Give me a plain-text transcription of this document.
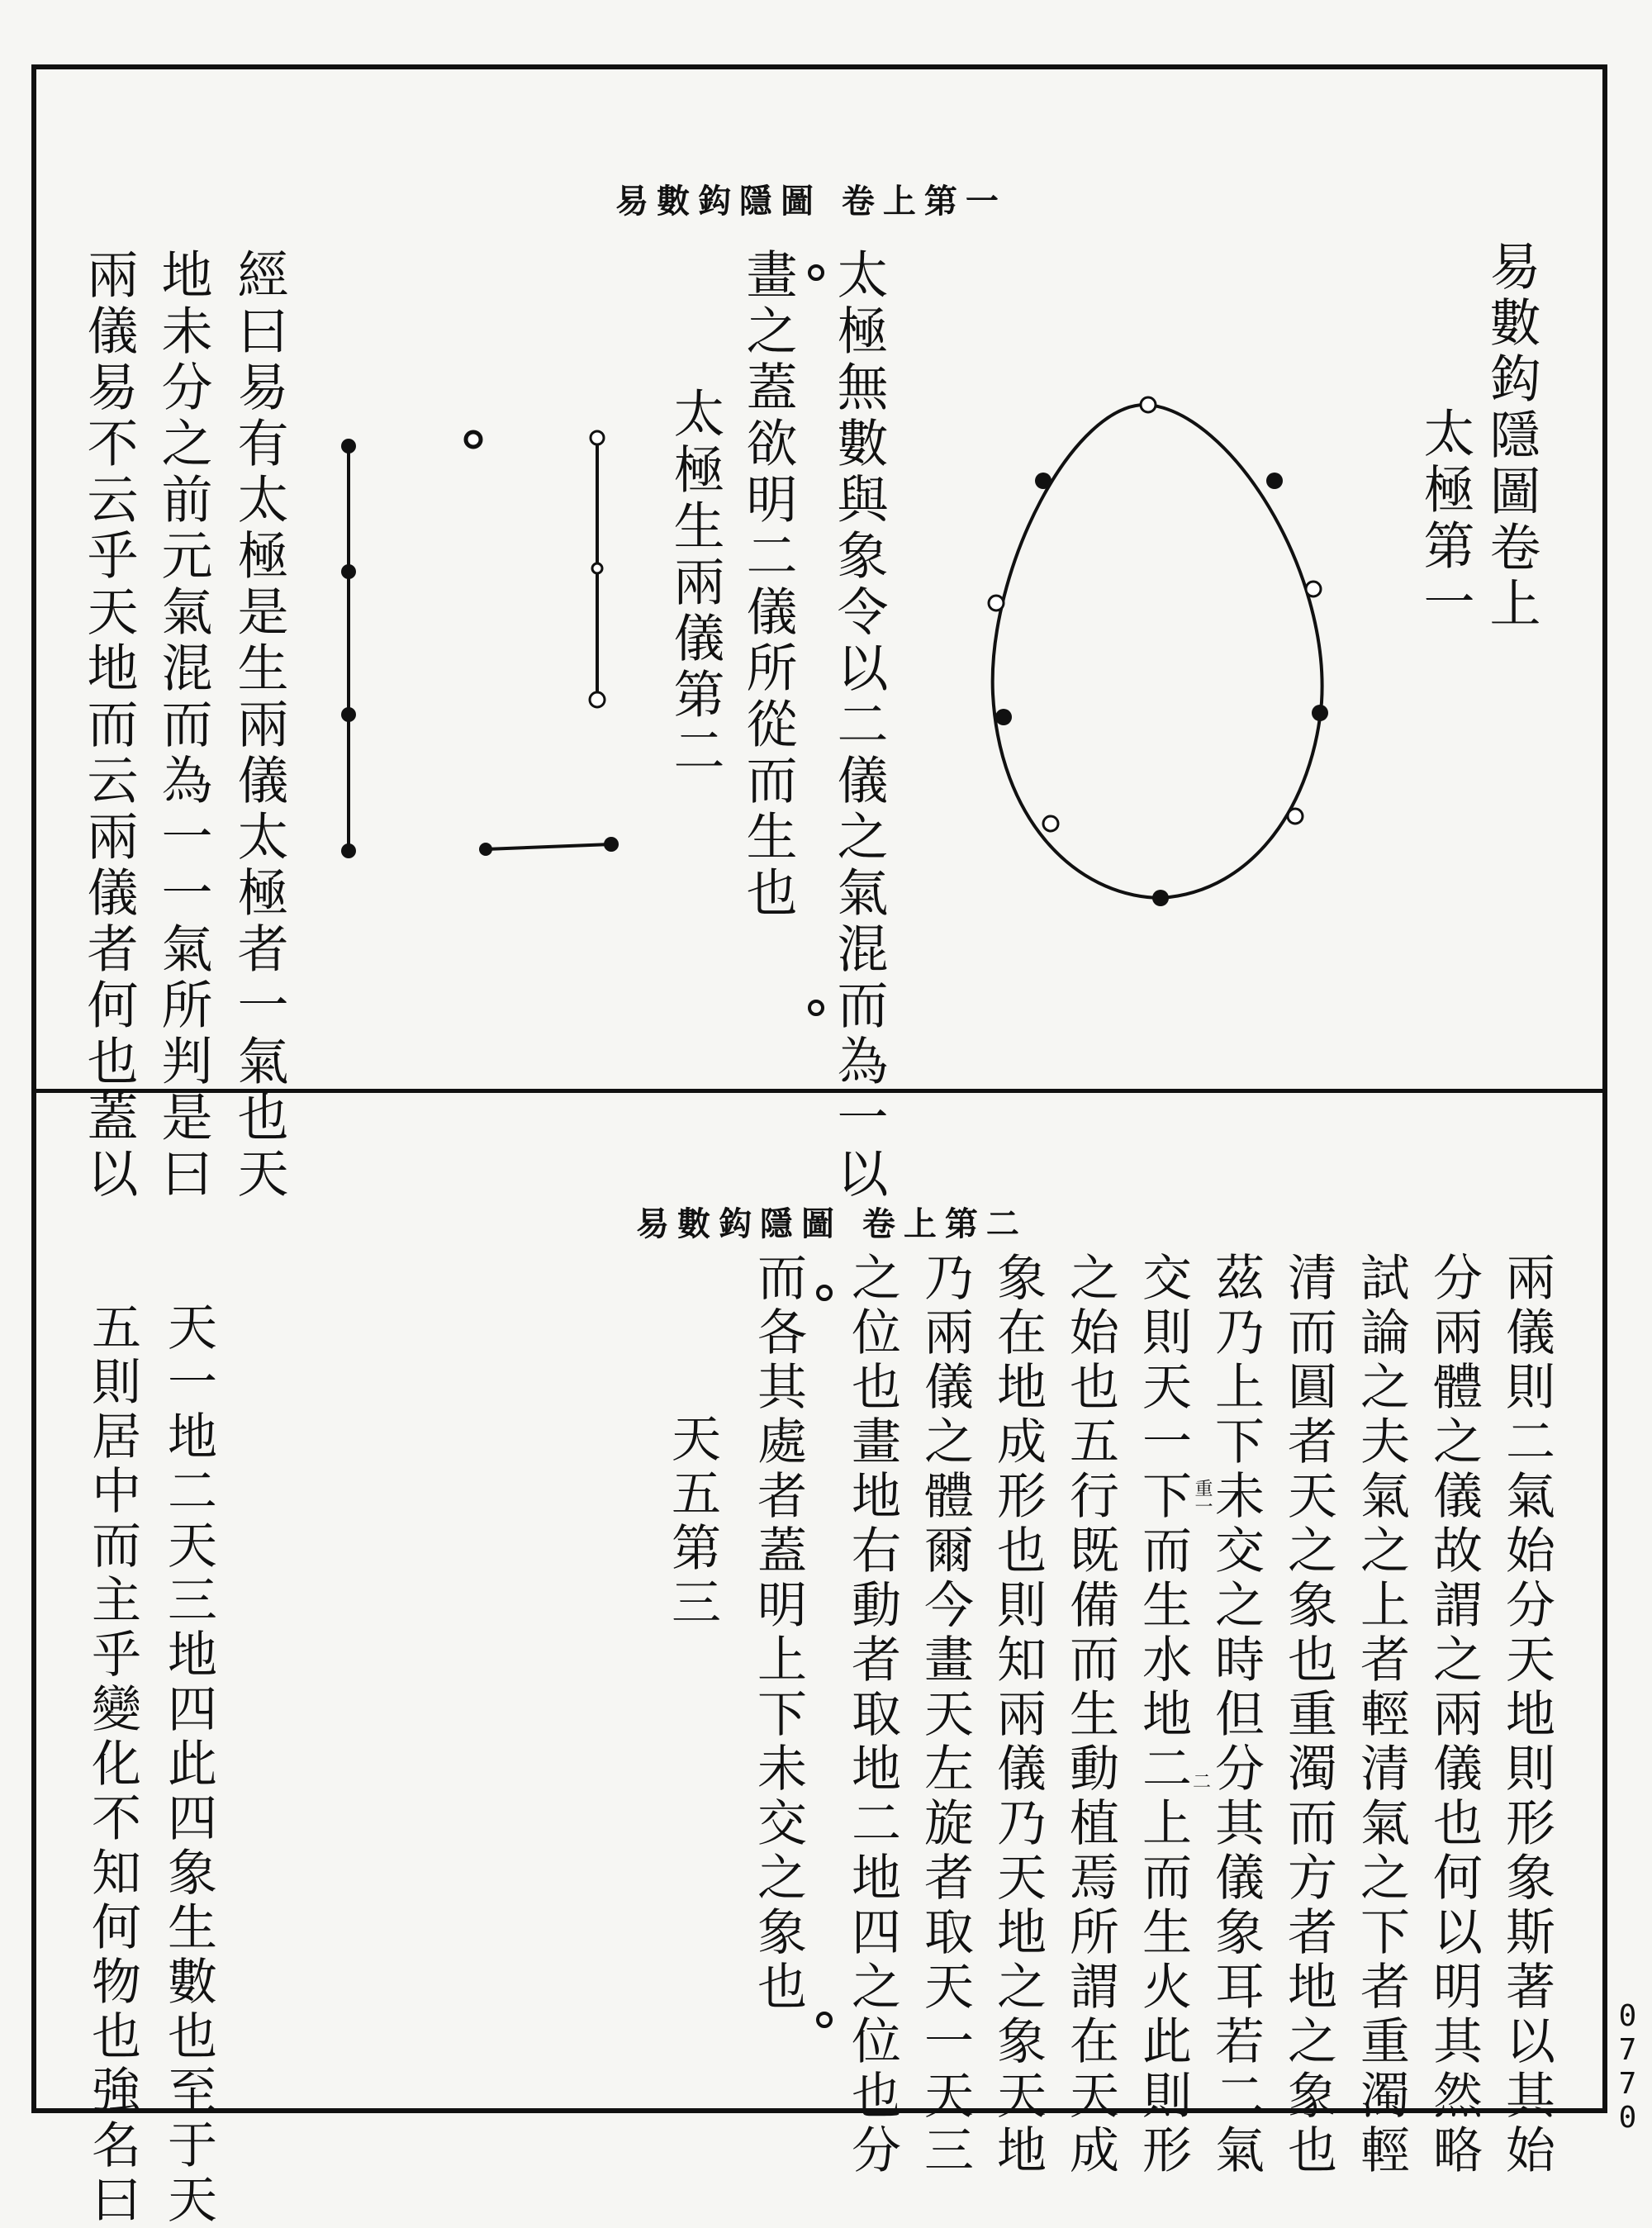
易數鈎隱圖 卷上第一
易數鈎隱圖卷上
太極第一
太極無數與象令以二儀之氣混而為一以
畫之蓋欲明二儀所從而生也
太極生兩儀第二
經曰易有太極是生兩儀太極者一氣也天
地未分之前元氣混而為一一氣所判是曰
兩儀易不云乎天地而云兩儀者何也蓋以
易數鈎隱圖 卷上第二
兩儀則二氣始分天地則形象斯著以其始
分兩體之儀故謂之兩儀也何以明其然略
試論之夫氣之上者輕清氣之下者重濁輕
清而圓者天之象也重濁而方者地之象也
茲乃上下未交之時但分其儀象耳若二氣
交則天一下而生水地二上而生火此則形
之始也五行既備而生動植焉所謂在天成
象在地成形也則知兩儀乃天地之象天地
乃兩儀之體爾今畫天左旋者取天一天三
之位也畫地右動者取地二地四之位也分
而各其處者蓋明上下未交之象也
天五第三
天一地二天三地四此四象生數也至于天
五則居中而主乎變化不知何物也強名曰	重一
二
0770
